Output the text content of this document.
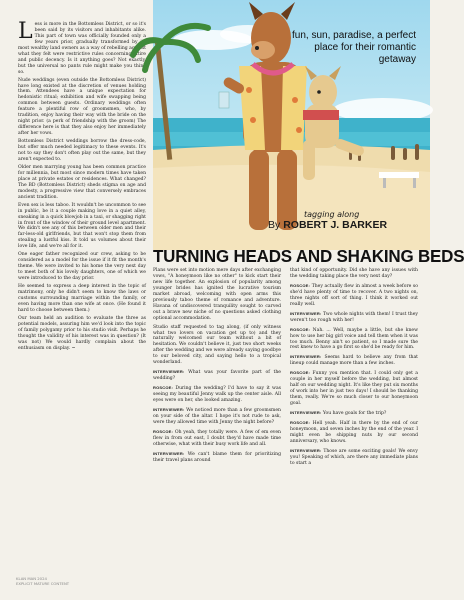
Less is more in the Bottomless District, or so it's been said by its visitors and inhabitants alike. This part of town was officially founded only a few years prior, gradually transformed by its most wealthy land owners as a way of rebelling against what they felt were restrictive rules concerning attire and public decency. Is it anything goes? Not exactly, but the universal no pants rule might make you think so.

Nude weddings (even outside the Bottomless District) have long existed at the discretion of venues holding them. Attendees have a unique expectation for hedonistic ritual; exhibition and wife swapping being common between guests. Ordinary weddings often feature a plentiful row of groomsmen, who, by tradition, enjoy having their way with the bride on the night prior. (a perk of friendship with the groom) The difference here is that they also enjoy her immediately after her vows.

Bottomless District weddings borrow the dress-code, but offer much needed legitimacy to these events. It's not to say they don't often play out the same, but they aren't expected to.

Older men marrying young has been common practice for millennia, but most since modern times have taken place at private estates or residences. What changed? The BD (Bottomless District) sheds stigma on age and modesty, a progressive view that conversely embraces ancient tradition.

Even sex is less taboo. It wouldn't be uncommon to see in public, be it a couple making love in a quiet alley, sneaking in a quick blowjob in a taxi, or shagging right in front of the window of their ground level apartment. We didn't see any of this between older men and their far-less-old girlfriends, but that won't stop them from stealing a lustful kiss. It told us volumes about their love life, and we're all for it.

One eager father recognized our crew, asking to be considered as a model for the issue if it fit the month's theme. We were invited to his home the very next day to meet both of his lovely daughters, one of which we were introduced to the day prior.

He seemed to express a deep interest in the topic of matrimony, only he didn't seem to know the laws or customs surrounding marriage within the family, or even having more than one wife at once. (He found it hard to choose between them.)

Our team held an audition to evaluate the three as potential models, assuring him we'd look into the topic of family polygamy prior to his studio visit. Perhaps he thought the validity of his interest was in question? (It was not) We would hardly complain about the enthusiasm on display. ~

fun, sun, paradise, a perfect place for their romantic getaway
tagging along
By ROBERT J. BARKER
TURNING HEADS AND SHAKING BEDS

Plans were set into motion mere days after exchanging vows, "A honeymoon like no other" to kick start their new life together. An explosion of popularity among younger brides has ignited the lucrative tourism market abroad, welcoming with open arms this previously taboo theme of romance and adventure. Havana of undiscovered tranquility sought to carved out a brave new niche of no questions asked clothing optional accommodation.

Studio staff requested to tag along, (if only witness what two lovers on vacation get up to) and they naturally welcomed our team without a bit of hesitation. We couldn't believe it, just two short weeks after the wedding and we were already saying goodbye to our beloved city, and saying hello to a tropical wonderland.

INTERVIEWER: What was your favorite part of the wedding?

ROSCOE: During the wedding? I'd have to say it was seeing my beautiful Jenny walk up the center aisle. All eyes were on her, she looked amazing.

INTERVIEWER: We noticed more than a few groomsmen on your side of the altar. I hope it's not rude to ask, were they allowed time with Jenny the night before?

ROSCOE: Oh yeah, they totally were. A few of em even flew in from out east, I doubt they'd have made time otherwise, what with their busy work life and all.

INTERVIEWER: We can't blame them for prioritizing their travel plans around

that kind of opportunity. Did she have any issues with the wedding taking place the very next day?

ROSCOE: They actually flew in almost a week before so she'd have plenty of time to recover. A two nights on, three nights off sort of thing. I think it worked out really well.

INTERVIEWER: Two whole nights with them! I trust they weren't too rough with her!

ROSCOE: Nah. ... Well, maybe a little, but she knew how to use her big girl voice and tell them when it was too much. Benny ain't so patient, so I made sure the rest knew to have a go first so she'd be ready for him.

INTERVIEWER: Seems hard to believe any from that lineup could manage more than a few inches.

ROSCOE: Funny you mention that. I could only get a couple in her myself before the wedding, but almost half on our wedding night. It's like they put six months of work into her in just two days! I should be thanking them, really. We're so much closer to our honeymoon goal.

INTERVIEWER: You have goals for the trip?

ROSCOE: Hell yeah. Half in there by the end of our honeymoon, and seven inches by the end of the year. I might even be shipping nuts by our second anniversary, who knows.

INTERVIEWER: Those are some exciting goals! We envy you! Speaking of which, are there any immediate plans to start a

KLAN MAN 2024
EXPLICIT MATURE CONTENT
